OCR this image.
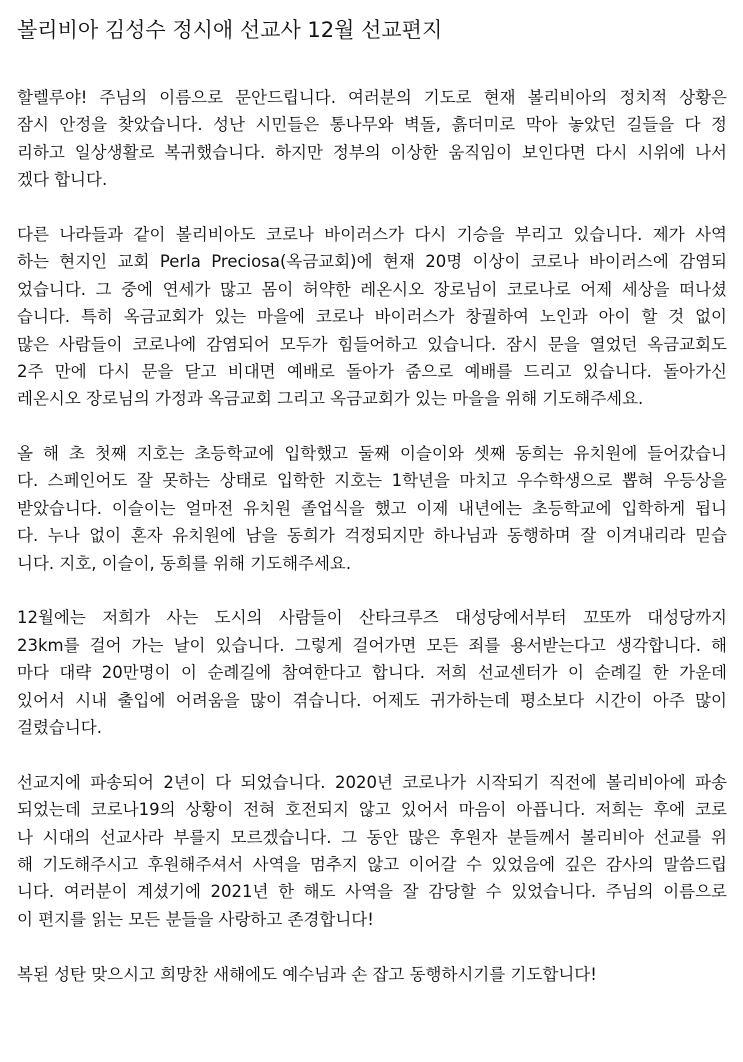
볼리비아 김성수 정시애 선교사 12월 선교편지
할렐루야! 주님의 이름으로 문안드립니다. 여러분의 기도로 현재 볼리비아의 정치적 상황은
잠시 안정을 찾았습니다. 성난 시민들은 통나무와 벽돌, 흙더미로 막아 놓았던 길들을 다 정
리하고 일상생활로 복귀했습니다. 하지만 정부의 이상한 움직임이 보인다면 다시 시위에 나서
겠다 합니다.
다른 나라들과 같이 볼리비아도 코로나 바이러스가 다시 기승을 부리고 있습니다. 제가 사역
하는 현지인 교회 Perla Preciosa(옥금교회)에 현재 20명 이상이 코로나 바이러스에 감염되
었습니다. 그 중에 연세가 많고 몸이 허약한 레온시오 장로님이 코로나로 어제 세상을 떠나셨
습니다. 특히 옥금교회가 있는 마을에 코로나 바이러스가 창궐하여 노인과 아이 할 것 없이
많은 사람들이 코로나에 감염되어 모두가 힘들어하고 있습니다. 잠시 문을 열었던 옥금교회도
2주 만에 다시 문을 닫고 비대면 예배로 돌아가 줌으로 예배를 드리고 있습니다. 돌아가신
레온시오 장로님의 가정과 옥금교회 그리고 옥금교회가 있는 마을을 위해 기도해주세요.
올 해 초 첫째 지호는 초등학교에 입학했고 둘째 이슬이와 셋째 동희는 유치원에 들어갔습니
다. 스페인어도 잘 못하는 상태로 입학한 지호는 1학년을 마치고 우수학생으로 뽑혀 우등상을
받았습니다. 이슬이는 얼마전 유치원 졸업식을 했고 이제 내년에는 초등학교에 입학하게 됩니
다. 누나 없이 혼자 유치원에 남을 동희가 걱정되지만 하나님과 동행하며 잘 이겨내리라 믿습
니다. 지호, 이슬이, 동희를 위해 기도해주세요.
12월에는 저희가 사는 도시의 사람들이 산타크루즈 대성당에서부터 꼬또까 대성당까지
23km를 걸어 가는 날이 있습니다. 그렇게 걸어가면 모든 죄를 용서받는다고 생각합니다. 해
마다 대략 20만명이 이 순례길에 참여한다고 합니다. 저희 선교센터가 이 순례길 한 가운데
있어서 시내 출입에 어려움을 많이 겪습니다. 어제도 귀가하는데 평소보다 시간이 아주 많이
걸렸습니다.
선교지에 파송되어 2년이 다 되었습니다. 2020년 코로나가 시작되기 직전에 볼리비아에 파송
되었는데 코로나19의 상황이 전혀 호전되지 않고 있어서 마음이 아픕니다. 저희는 후에 코로
나 시대의 선교사라 부를지 모르겠습니다. 그 동안 많은 후원자 분들께서 볼리비아 선교를 위
해 기도해주시고 후원해주셔서 사역을 멈추지 않고 이어갈 수 있었음에 깊은 감사의 말씀드립
니다. 여러분이 계셨기에 2021년 한 해도 사역을 잘 감당할 수 있었습니다. 주님의 이름으로
이 편지를 읽는 모든 분들을 사랑하고 존경합니다!
복된 성탄 맞으시고 희망찬 새해에도 예수님과 손 잡고 동행하시기를 기도합니다!
